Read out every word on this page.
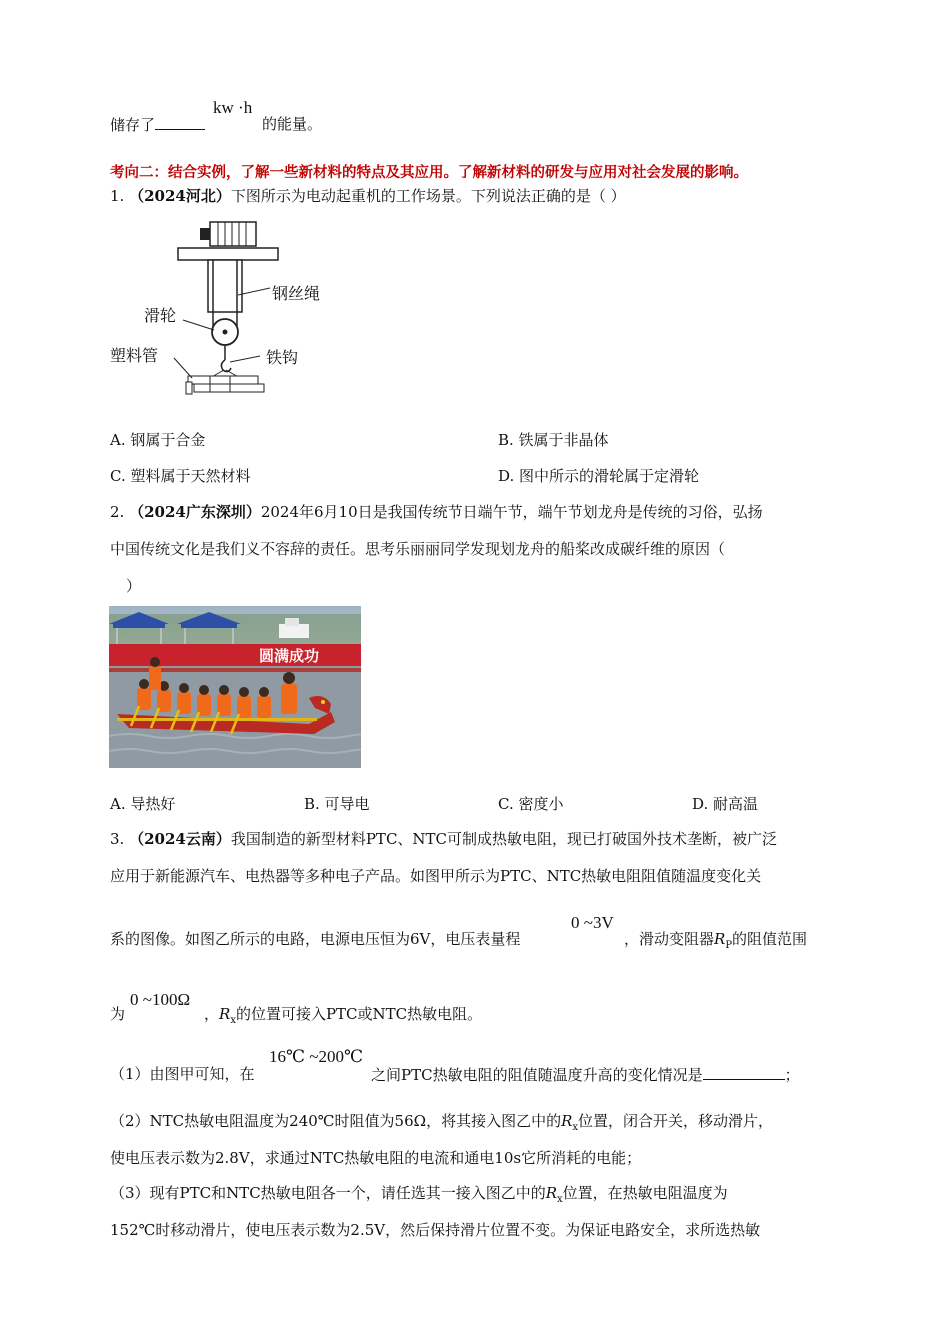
储存了
kw ·h
的能量。
考向二：结合实例，了解一些新材料的特点及其应用。了解新材料的研发与应用对社会发展的影响。
1. （2024河北）下图所示为电动起重机的工作场景。下列说法正确的是（ ）
钢丝绳
滑轮
塑料管	铁钩
A. 钢属于合金	B. 铁属于非晶体
C. 塑料属于天然材料	D. 图中所示的滑轮属于定滑轮
2. （2024广东深圳）2024年6月10日是我国传统节日端午节，端午节划龙舟是传统的习俗，弘扬
中国传统文化是我们义不容辞的责任。思考乐丽丽同学发现划龙舟的船桨改成碳纤维的原因（
）
圆满成功
A. 导热好	B. 可导电	C. 密度小	D. 耐高温
3. （2024云南）我国制造的新型材料PTC、NTC可制成热敏电阻，现已打破国外技术垄断，被广泛
应用于新能源汽车、电热器等多种电子产品。如图甲所示为PTC、NTC热敏电阻阻值随温度变化关
系的图像。如图乙所示的电路，电源电压恒为6V，电压表量程
0 ~3V
，滑动变阻器$R_P$的阻值范围
0 ~100Ω
为	，$R_x$的位置可接入PTC或NTC热敏电阻。
（1）由图甲可知，在
16℃ ~200℃
之间PTC热敏电阻的阻值随温度升高的变化情况是	；
（2）NTC热敏电阻温度为240℃时阻值为56Ω，将其接入图乙中的$R_x$位置，闭合开关，移动滑片，
使电压表示数为2.8V，求通过NTC热敏电阻的电流和通电10s它所消耗的电能；
（3）现有PTC和NTC热敏电阻各一个，请任选其一接入图乙中的$R_x$位置，在热敏电阻温度为
152℃时移动滑片，使电压表示数为2.5V，然后保持滑片位置不变。为保证电路安全，求所选热敏
